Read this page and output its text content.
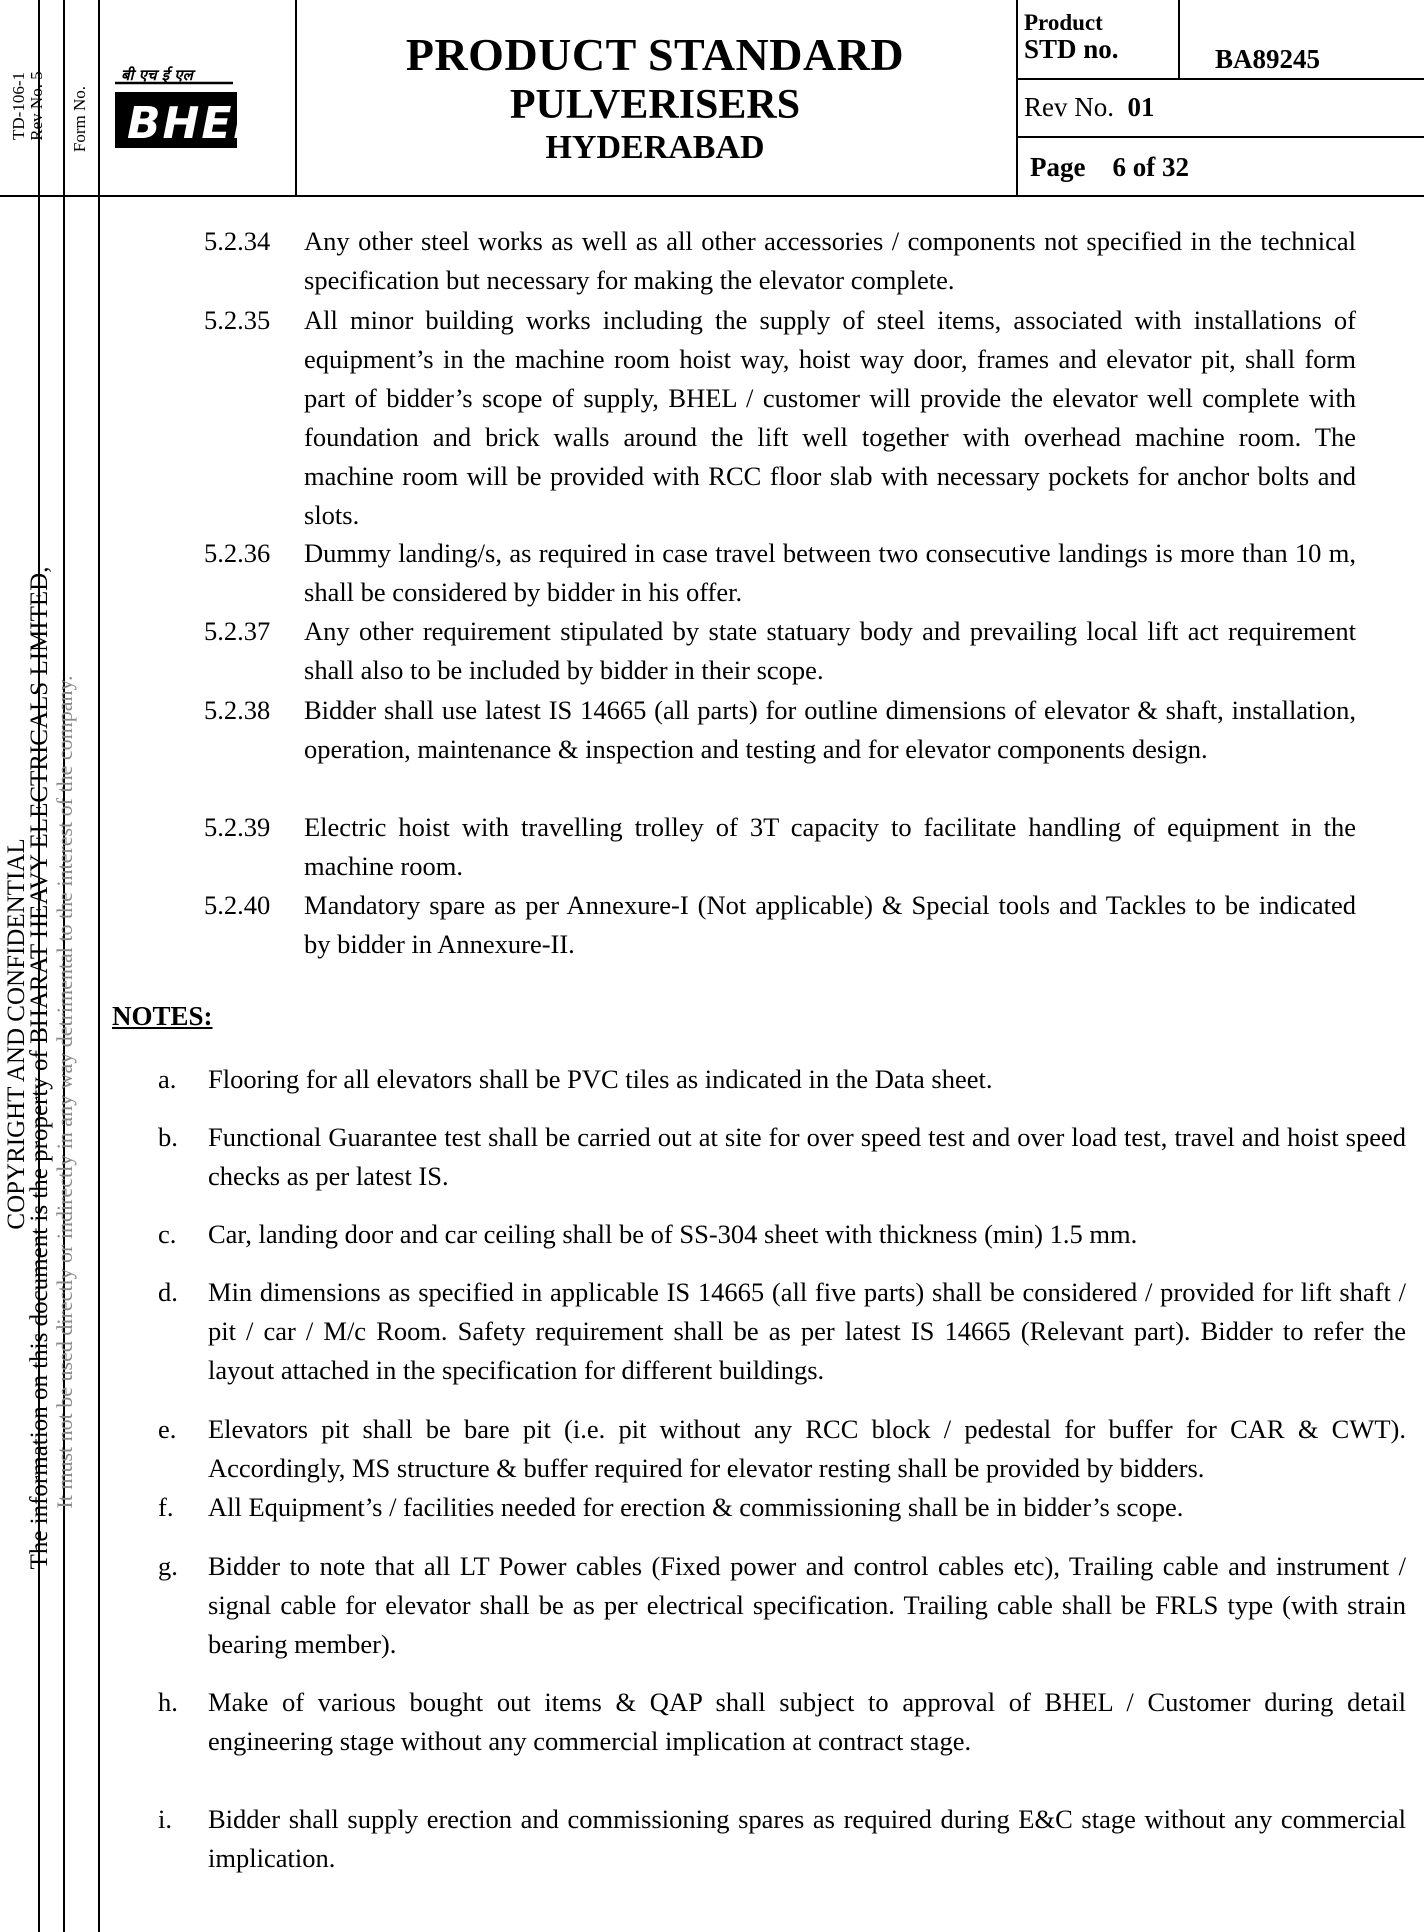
TD-106-1 Rev No. 5 Form No.
बी एच ई एल
BHEL
PRODUCT STANDARD
PULVERISERS
HYDERABAD
Product
STD no.	BA89245
Rev No. 01
Page 6 of 32
COPYRIGHT AND CONFIDENTIAL
The information on this document is the property of BHARAT HEAVY ELECTRICALS LIMITED, It must not be used directly or indirectly in any way detrimental to the interest of the company.
5.2.34	Any other steel works as well as all other accessories / components not specified in the technical specification but necessary for making the elevator complete.
5.2.35	All minor building works including the supply of steel items, associated with installations of equipment’s in the machine room hoist way, hoist way door, frames and elevator pit, shall form part of bidder’s scope of supply, BHEL / customer will provide the elevator well complete with foundation and brick walls around the lift well together with overhead machine room. The machine room will be provided with RCC floor slab with necessary pockets for anchor bolts and slots.
5.2.36	Dummy landing/s, as required in case travel between two consecutive landings is more than 10 m, shall be considered by bidder in his offer.
5.2.37	Any other requirement stipulated by state statuary body and prevailing local lift act requirement shall also to be included by bidder in their scope.
5.2.38	Bidder shall use latest IS 14665 (all parts) for outline dimensions of elevator & shaft, installation, operation, maintenance & inspection and testing and for elevator components design.
5.2.39	Electric hoist with travelling trolley of 3T capacity to facilitate handling of equipment in the machine room.
5.2.40	Mandatory spare as per Annexure-I (Not applicable) & Special tools and Tackles to be indicated by bidder in Annexure-II.
NOTES:
a.	Flooring for all elevators shall be PVC tiles as indicated in the Data sheet.
b.	Functional Guarantee test shall be carried out at site for over speed test and over load test, travel and hoist speed checks as per latest IS.
c.	Car, landing door and car ceiling shall be of SS-304 sheet with thickness (min) 1.5 mm.
d.	Min dimensions as specified in applicable IS 14665 (all five parts) shall be considered / provided for lift shaft / pit / car / M/c Room. Safety requirement shall be as per latest IS 14665 (Relevant part). Bidder to refer the layout attached in the specification for different buildings.
e.	Elevators pit shall be bare pit (i.e. pit without any RCC block / pedestal for buffer for CAR & CWT). Accordingly, MS structure & buffer required for elevator resting shall be provided by bidders.
f.	All Equipment’s / facilities needed for erection & commissioning shall be in bidder’s scope.
g.	Bidder to note that all LT Power cables (Fixed power and control cables etc), Trailing cable and instrument / signal cable for elevator shall be as per electrical specification. Trailing cable shall be FRLS type (with strain bearing member).
h.	Make of various bought out items & QAP shall subject to approval of BHEL / Customer during detail engineering stage without any commercial implication at contract stage.
i.	Bidder shall supply erection and commissioning spares as required during E&C stage without any commercial implication.
